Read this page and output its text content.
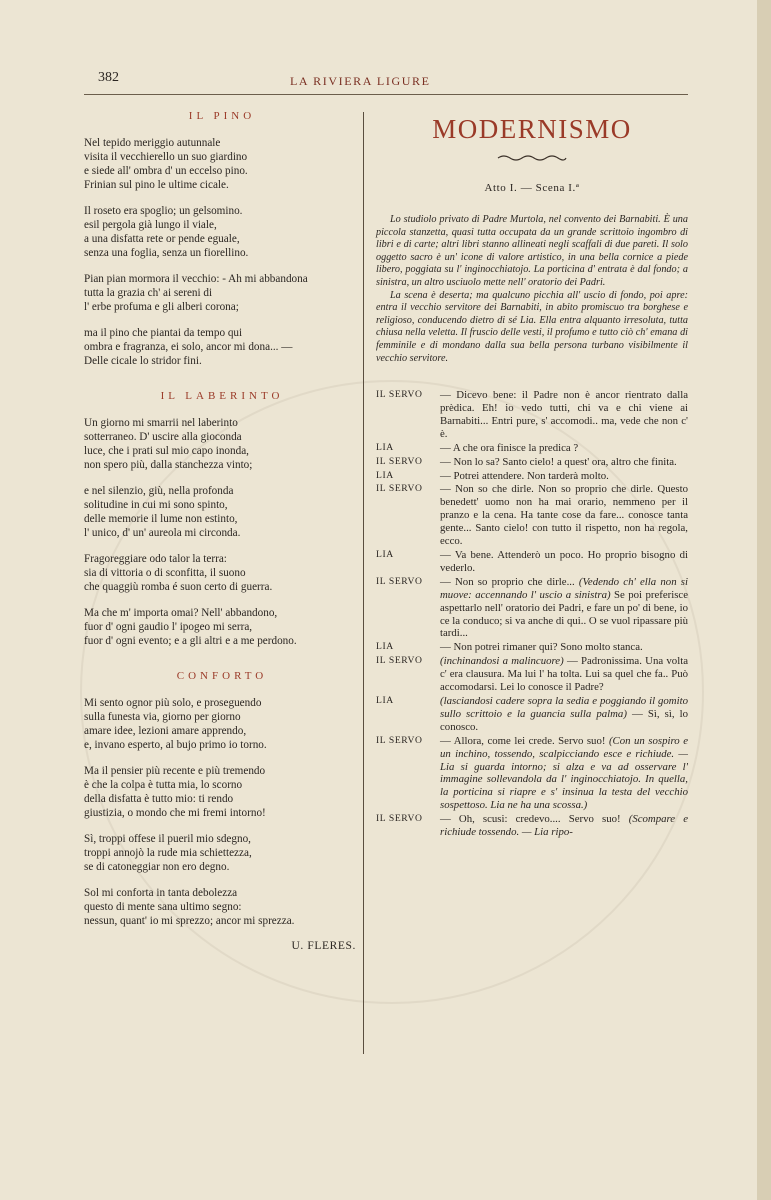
382	LA RIVIERA LIGURE
IL PINO
Nel tepido meriggio autunnale
visita il vecchierello un suo giardino
e siede all' ombra d' un eccelso pino.
Frinian sul pino le ultime cicale.
Il roseto era spoglio; un gelsomino.
esil pergola già lungo il viale,
a una disfatta rete or pende eguale,
senza una foglia, senza un fiorellino.
Pian pian mormora il vecchio: - Ah mi abbandona
tutta la grazia ch' ai sereni di
l' erbe profuma e gli alberi corona;
ma il pino che piantai da tempo qui
ombra e fragranza, ei solo, ancor mi dona... —
Delle cicale lo stridor fini.
IL LABERINTO
Un giorno mi smarrii nel laberinto
sotterraneo. D' uscire alla gioconda
luce, che i prati sul mio capo inonda,
non spero più, dalla stanchezza vinto;
e nel silenzio, giù, nella profonda
solitudine in cui mi sono spinto,
delle memorie il lume non estinto,
l' unico, d' un' aureola mi circonda.
Fragoreggiare odo talor la terra:
sia di vittoria o di sconfitta, il suono
che quaggiù romba é suon certo di guerra.
Ma che m' importa omai? Nell' abbandono,
fuor d' ogni gaudio l' ipogeo mi serra,
fuor d' ogni evento; e a gli altri e a me perdono.
CONFORTO
Mi sento ognor più solo, e proseguendo
sulla funesta via, giorno per giorno
amare idee, lezioni amare apprendo,
e, invano esperto, al bujo primo io torno.
Ma il pensier più recente e più tremendo
è che la colpa è tutta mia, lo scorno
della disfatta è tutto mio: ti rendo
giustizia, o mondo che mi fremi intorno!
Sì, troppi offese il pueril mio sdegno,
troppi annojò la rude mia schiettezza,
se di catoneggiar non ero degno.
Sol mi conforta in tanta debolezza
questo di mente sana ultimo segno:
nessun, quant' io mi sprezzo; ancor mi sprezza.
U. FLERES.
MODERNISMO
Atto I. — Scena I.ª

Lo studiolo privato di Padre Murtola, nel convento dei Barnabiti. È una piccola stanzetta, quasi tutta occupata da un grande scrittoio ingombro di libri e di carte; altri libri stanno allineati negli scaffali di due pareti. Il solo oggetto sacro è un' icone di valore artistico, in una bella cornice a piede libero, poggiata su l' inginocchiatojo. La porticina d' entrata è dal fondo; a sinistra, un altro usciuolo mette nell' oratorio dei Padri.

La scena è deserta; ma qualcuno picchia all' uscio di fondo, poi apre: entra il vecchio servitore dei Barnabiti, in abito promiscuo tra borghese e religioso, conducendo dietro di sé Lia. Ella entra alquanto irresoluta, tutta chiusa nella veletta. Il fruscio delle vesti, il profumo e tutto ciò ch' emana di femminile e di mondano dalla sua bella persona turbano visibilmente il vecchio servitore.

IL SERVO	— Dicevo bene: il Padre non è ancor rientrato dalla prèdica. Eh! io vedo tutti, chi va e chi viene ai Barnabiti... Entri pure, s' accomodi.. ma, vede che non c' è.
LIA	— A che ora finisce la predica ?
IL SERVO	— Non lo sa? Santo cielo! a quest' ora, altro che finita.
LIA	— Potrei attendere. Non tarderà molto.
IL SERVO	— Non so che dirle. Non so proprio che dirle. Questo benedett' uomo non ha mai orario, nemmeno per il pranzo e la cena. Ha tante cose da fare... conosce tanta gente... Santo cielo! con tutto il rispetto, non ha regola, ecco.
LIA	— Va bene. Attenderò un poco. Ho proprio bisogno di vederlo.
IL SERVO	— Non so proprio che dirle... (Vedendo ch' ella non si muove: accennando l' uscio a sinistra) Se poi preferisce aspettarlo nell' oratorio dei Padri, e fare un po' di bene, io ce la conduco; si va anche di qui.. O se vuol ripassare più tardi...
LIA	— Non potrei rimaner qui? Sono molto stanca.
IL SERVO	(inchinandosi a malincuore) — Padronissima. Una volta c' era clausura. Ma lui l' ha tolta. Lui sa quel che fa.. Può accomodarsi. Lei lo conosce il Padre?
LIA	(lasciandosi cadere sopra la sedia e poggiando il gomito sullo scrittoio e la guancia sulla palma) — Sì, sì, lo conosco.
IL SERVO	— Allora, come lei crede. Servo suo! (Con un sospiro e un inchino, tossendo, scalpicciando esce e richiude. — Lia si guarda intorno; si alza e va ad osservare l' immagine sollevandola da l' inginocchiatojo. In quella, la porticina si riapre e s' insinua la testa del vecchio sospettoso. Lia ne ha una scossa.)
IL SERVO	— Oh, scusi: credevo.... Servo suo! (Scompare e richiude tossendo. — Lia ripo-
